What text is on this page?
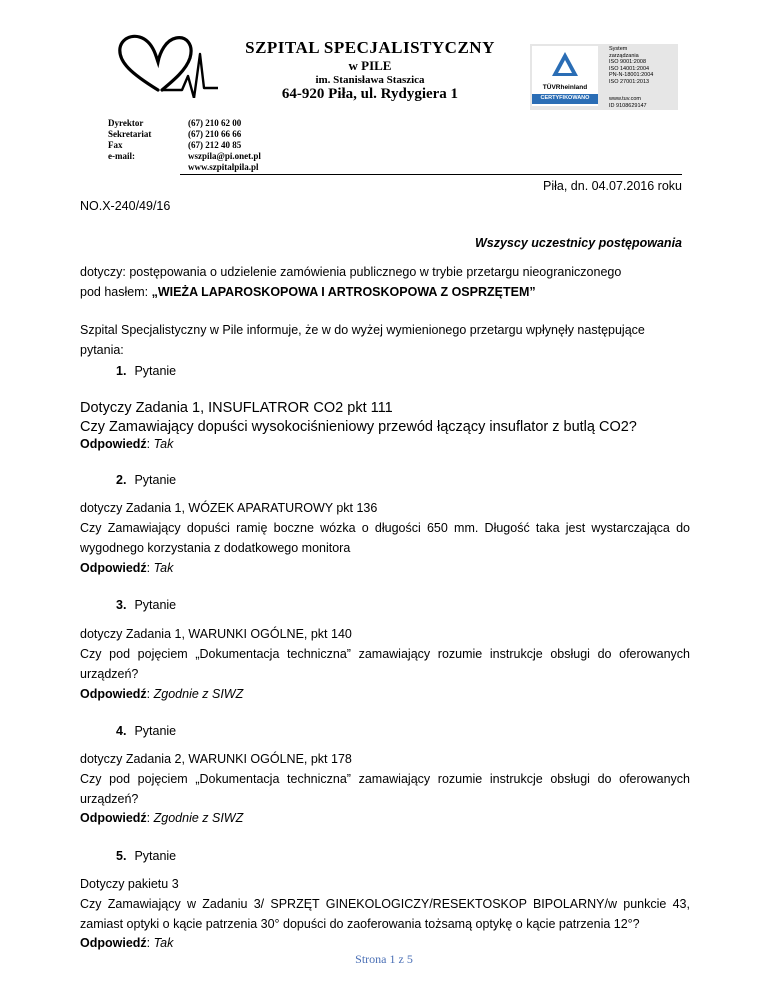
SZPITAL SPECJALISTYCZNY
w PILE
im. Stanisława Staszica
64-920 Piła, ul. Rydygiera 1
Dyrektor	(67) 210 62 00
Sekretariat	(67) 210 66 66
Fax	(67) 212 40 85
e-mail:	wszpila@pi.onet.pl
www.szpitalpila.pl
TÜVRheinland
CERTYFIKOWANO
System
zarządzania
ISO 9001:2008
ISO 14001:2004
PN-N-18001:2004
ISO 27001:2013
www.tuv.com
ID 9108629147
Piła, dn. 04.07.2016 roku
NO.X-240/49/16
Wszyscy uczestnicy postępowania
dotyczy: postępowania o udzielenie zamówienia publicznego w trybie przetargu nieograniczonego
pod hasłem: „WIEŻA LAPAROSKOPOWA I ARTROSKOPOWA Z OSPRZĘTEM”
Szpital Specjalistyczny w Pile informuje, że w do wyżej wymienionego przetargu wpłynęły następujące pytania:
1. Pytanie
Dotyczy Zadania 1, INSUFLATROR CO2 pkt 111
Czy Zamawiający dopuści wysokociśnieniowy przewód łączący insuflator z butlą CO2?
Odpowiedź: Tak
2. Pytanie
dotyczy Zadania 1, WÓZEK APARATUROWY pkt 136
Czy Zamawiający dopuści ramię boczne wózka o długości 650 mm. Długość taka jest wystarczająca do wygodnego korzystania z dodatkowego monitora
Odpowiedź: Tak
3. Pytanie
dotyczy Zadania 1, WARUNKI OGÓLNE, pkt 140
Czy pod pojęciem „Dokumentacja techniczna” zamawiający rozumie instrukcje obsługi do oferowanych urządzeń?
Odpowiedź: Zgodnie z SIWZ
4. Pytanie
dotyczy Zadania 2, WARUNKI OGÓLNE, pkt 178
Czy pod pojęciem „Dokumentacja techniczna” zamawiający rozumie instrukcje obsługi do oferowanych urządzeń?
Odpowiedź: Zgodnie z SIWZ
5. Pytanie
Dotyczy pakietu 3
Czy Zamawiający w Zadaniu 3/ SPRZĘT GINEKOLOGICZY/RESEKTOSKOP BIPOLARNY/w punkcie 43, zamiast optyki o kącie patrzenia 30° dopuści do zaoferowania tożsamą optykę o kącie patrzenia 12°?
Odpowiedź: Tak
Strona 1 z 5
